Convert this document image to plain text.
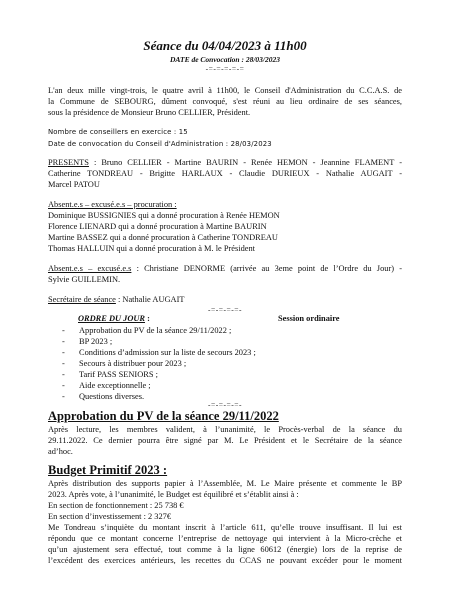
Séance du 04/04/2023 à 11h00
DATE de Convocation : 28/03/2023
-=-=-=-=-=
L'an deux mille vingt-trois, le quatre avril à 11h00, le Conseil d'Administration du C.C.A.S. de
la Commune de SEBOURG, dûment convoqué, s'est réuni au lieu ordinaire de ses séances,
sous la présidence de Monsieur Bruno CELLIER, Président.
Nombre de conseillers en exercice : 15
Date de convocation du Conseil d'Administration : 28/03/2023
PRESENTS : Bruno CELLIER - Martine BAURIN - Renée HEMON - Jeannine FLAMENT -
Catherine TONDREAU - Brigitte HARLAUX - Claudie DURIEUX - Nathalie AUGAIT -
Marcel PATOU
Absent.e.s – excusé.e.s – procuration :
Dominique BUSSIGNIES qui a donné procuration à Renée HEMON
Florence LIENARD qui a donné procuration à Martine BAURIN
Martine BASSEZ qui a donné procuration à Catherine TONDREAU
Thomas HALLUIN qui a donné procuration à M. le Président
Absent.e.s – excusé.e.s : Christiane DENORME (arrivée au 3eme point de l’Ordre du Jour) -
Sylvie GUILLEMIN.
Secrétaire de séance : Nathalie AUGAIT
-=-=-=-=-
ORDRE DU JOUR :	Session ordinaire
- Approbation du PV de la séance 29/11/2022 ;
- BP 2023 ;
- Conditions d’admission sur la liste de secours 2023 ;
- Secours à distribuer pour 2023 ;
- Tarif PASS SENIORS ;
- Aide exceptionnelle ;
- Questions diverses.
-=-=-=-=-
Approbation du PV de la séance 29/11/2022
Après lecture, les membres valident, à l’unanimité, le Procès-verbal de la séance du
29.11.2022. Ce dernier pourra être signé par M. Le Président et le Secrétaire de la séance
ad’hoc.
Budget Primitif 2023 :
Après distribution des supports papier à l’Assemblée, M. Le Maire présente et commente le BP
2023. Après vote, à l’unanimité, le Budget est équilibré et s’établit ainsi à :
En section de fonctionnement : 25 738 €
En section d’investissement : 2 327€
Me Tondreau s’inquiète du montant inscrit à l’article 611, qu’elle trouve insuffisant. Il lui est
répondu que ce montant concerne l’entreprise de nettoyage qui intervient à la Micro-crèche et
qu’un ajustement sera effectué, tout comme à la ligne 60612 (énergie) lors de la reprise de
l’excédent des exercices antérieurs, les recettes du CCAS ne pouvant excéder pour le moment
